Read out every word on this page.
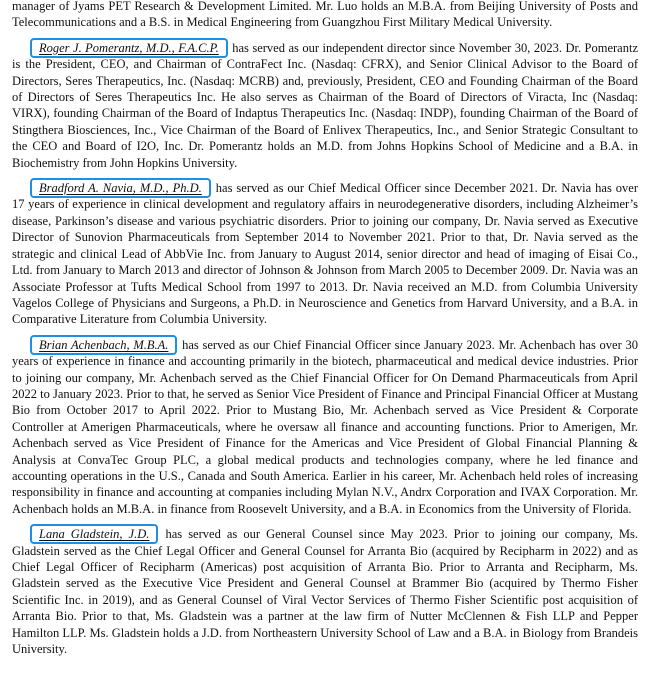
manager of Jyams PET Research & Development Limited. Mr. Luo holds an M.B.A. from Beijing University of Posts and Telecommunications and a B.S. in Medical Engineering from Guangzhou First Military Medical University.

Roger J. Pomerantz, M.D., F.A.C.P. has served as our independent director since November 30, 2023. Dr. Pomerantz is the President, CEO, and Chairman of ContraFect Inc. (Nasdaq: CFRX), and Senior Clinical Advisor to the Board of Directors, Seres Therapeutics, Inc. (Nasdaq: MCRB) and, previously, President, CEO and Founding Chairman of the Board of Directors of Seres Therapeutics Inc. He also serves as Chairman of the Board of Directors of Viracta, Inc (Nasdaq: VIRX), founding Chairman of the Board of Indaptus Therapeutics Inc. (Nasdaq: INDP), founding Chairman of the Board of Stingthera Biosciences, Inc., Vice Chairman of the Board of Enlivex Therapeutics, Inc., and Senior Strategic Consultant to the CEO and Board of I2O, Inc. Dr. Pomerantz holds an M.D. from Johns Hopkins School of Medicine and a B.A. in Biochemistry from John Hopkins University.

Bradford A. Navia, M.D., Ph.D. has served as our Chief Medical Officer since December 2021. Dr. Navia has over 17 years of experience in clinical development and regulatory affairs in neurodegenerative disorders, including Alzheimer’s disease, Parkinson’s disease and various psychiatric disorders. Prior to joining our company, Dr. Navia served as Executive Director of Sunovion Pharmaceuticals from September 2014 to November 2021. Prior to that, Dr. Navia served as the strategic and clinical Lead of AbbVie Inc. from January to August 2014, senior director and head of imaging of Eisai Co., Ltd. from January to March 2013 and director of Johnson & Johnson from March 2005 to December 2009. Dr. Navia was an Associate Professor at Tufts Medical School from 1997 to 2013. Dr. Navia received an M.D. from Columbia University Vagelos College of Physicians and Surgeons, a Ph.D. in Neuroscience and Genetics from Harvard University, and a B.A. in Comparative Literature from Columbia University.

Brian Achenbach, M.B.A. has served as our Chief Financial Officer since January 2023. Mr. Achenbach has over 30 years of experience in finance and accounting primarily in the biotech, pharmaceutical and medical device industries. Prior to joining our company, Mr. Achenbach served as the Chief Financial Officer for On Demand Pharmaceuticals from April 2022 to January 2023. Prior to that, he served as Senior Vice President of Finance and Principal Financial Officer at Mustang Bio from October 2017 to April 2022. Prior to Mustang Bio, Mr. Achenbach served as Vice President & Corporate Controller at Amerigen Pharmaceuticals, where he oversaw all finance and accounting functions. Prior to Amerigen, Mr. Achenbach served as Vice President of Finance for the Americas and Vice President of Global Financial Planning & Analysis at ConvaTec Group PLC, a global medical products and technologies company, where he led finance and accounting operations in the U.S., Canada and South America. Earlier in his career, Mr. Achenbach held roles of increasing responsibility in finance and accounting at companies including Mylan N.V., Andrx Corporation and IVAX Corporation. Mr. Achenbach holds an M.B.A. in finance from Roosevelt University, and a B.A. in Economics from the University of Florida.

Lana Gladstein, J.D. has served as our General Counsel since May 2023. Prior to joining our company, Ms. Gladstein served as the Chief Legal Officer and General Counsel for Arranta Bio (acquired by Recipharm in 2022) and as Chief Legal Officer of Recipharm (Americas) post acquisition of Arranta Bio. Prior to Arranta and Recipharm, Ms. Gladstein served as the Executive Vice President and General Counsel at Brammer Bio (acquired by Thermo Fisher Scientific Inc. in 2019), and as General Counsel of Viral Vector Services of Thermo Fisher Scientific post acquisition of Arranta Bio. Prior to that, Ms. Gladstein was a partner at the law firm of Nutter McClennen & Fish LLP and Pepper Hamilton LLP. Ms. Gladstein holds a J.D. from Northeastern University School of Law and a B.A. in Biology from Brandeis University.
